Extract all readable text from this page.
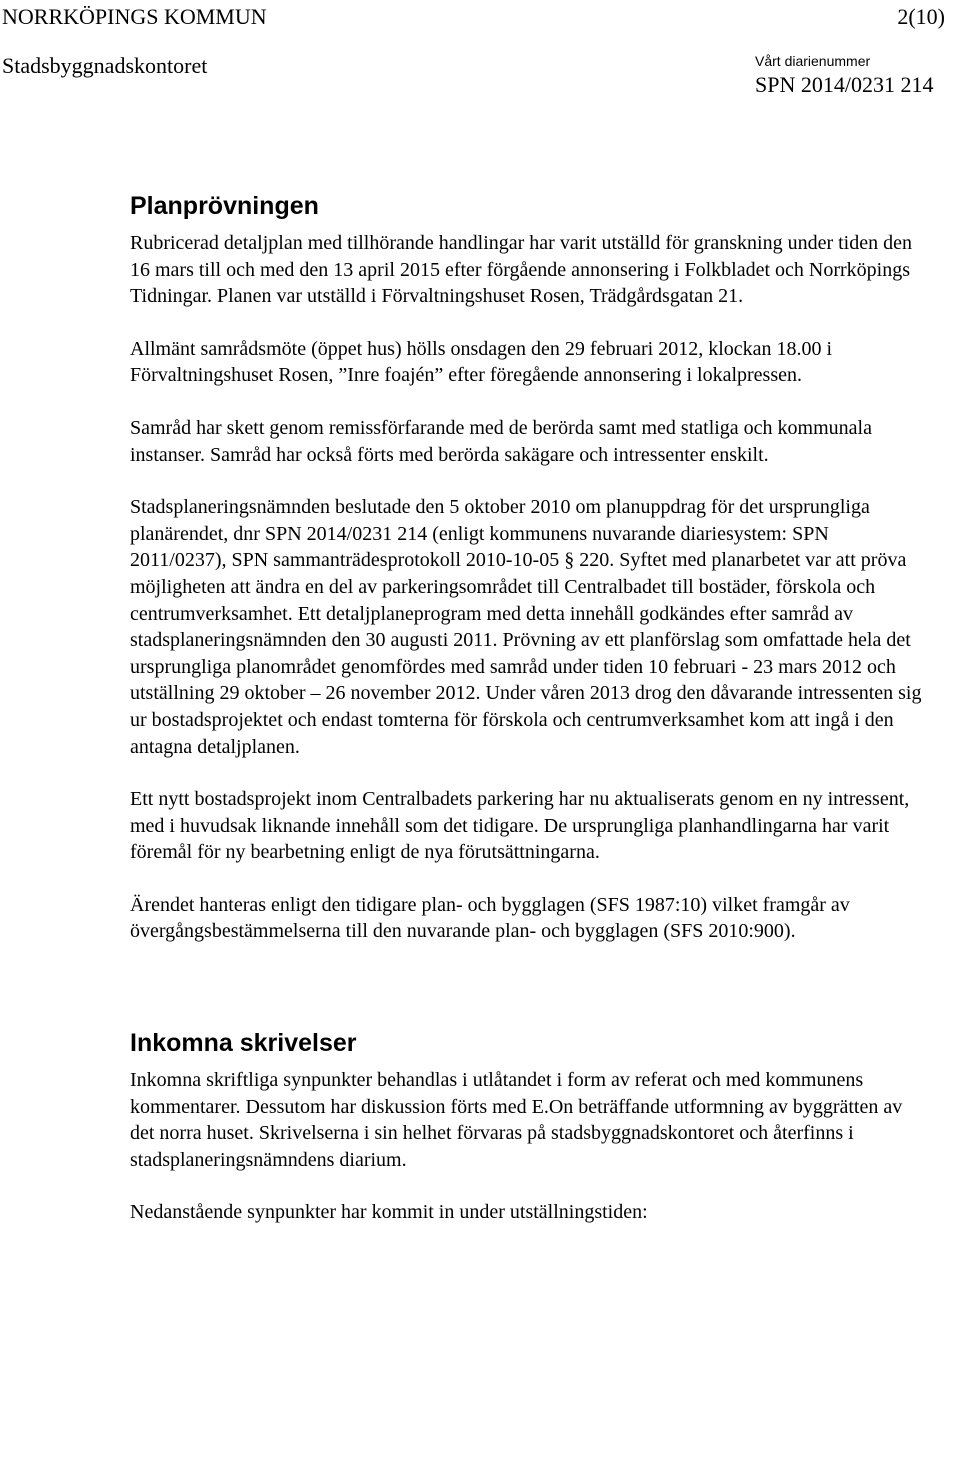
NORRKÖPINGS KOMMUN	2(10)
Stadsbyggnadskontoret	Vårt diarienummer
SPN 2014/0231 214
Planprövningen

Rubricerad detaljplan med tillhörande handlingar har varit utställd för granskning under tiden den 16 mars till och med den 13 april 2015 efter förgående annonsering i Folkbladet och Norrköpings Tidningar. Planen var utställd i Förvaltningshuset Rosen, Trädgårdsgatan 21.

Allmänt samrådsmöte (öppet hus) hölls onsdagen den 29 februari 2012, klockan 18.00 i Förvaltningshuset Rosen, ”Inre foajén” efter föregående annonsering i lokalpressen.

Samråd har skett genom remissförfarande med de berörda samt med statliga och kommunala instanser. Samråd har också förts med berörda sakägare och intressenter enskilt.

Stadsplaneringsnämnden beslutade den 5 oktober 2010 om planuppdrag för det ursprungliga planärendet, dnr SPN 2014/0231 214 (enligt kommunens nuvarande diariesystem: SPN 2011/0237), SPN sammanträdesprotokoll 2010-10-05 § 220. Syftet med planarbetet var att pröva möjligheten att ändra en del av parkeringsområdet till Centralbadet till bostäder, förskola och centrumverksamhet. Ett detaljplaneprogram med detta innehåll godkändes efter samråd av stadsplaneringsnämnden den 30 augusti 2011. Prövning av ett planförslag som omfattade hela det ursprungliga planområdet genomfördes med samråd under tiden 10 februari - 23 mars 2012 och utställning 29 oktober – 26 november 2012. Under våren 2013 drog den dåvarande intressenten sig ur bostadsprojektet och endast tomterna för förskola och centrumverksamhet kom att ingå i den antagna detaljplanen.

Ett nytt bostadsprojekt inom Centralbadets parkering har nu aktualiserats genom en ny intressent, med i huvudsak liknande innehåll som det tidigare. De ursprungliga planhandlingarna har varit föremål för ny bearbetning enligt de nya förutsättningarna.

Ärendet hanteras enligt den tidigare plan- och bygglagen (SFS 1987:10) vilket framgår av övergångsbestämmelserna till den nuvarande plan- och bygglagen (SFS 2010:900).

Inkomna skrivelser

Inkomna skriftliga synpunkter behandlas i utlåtandet i form av referat och med kommunens kommentarer. Dessutom har diskussion förts med E.On beträffande utformning av byggrätten av det norra huset. Skrivelserna i sin helhet förvaras på stadsbyggnadskontoret och återfinns i stadsplaneringsnämndens diarium.

Nedanstående synpunkter har kommit in under utställningstiden:
